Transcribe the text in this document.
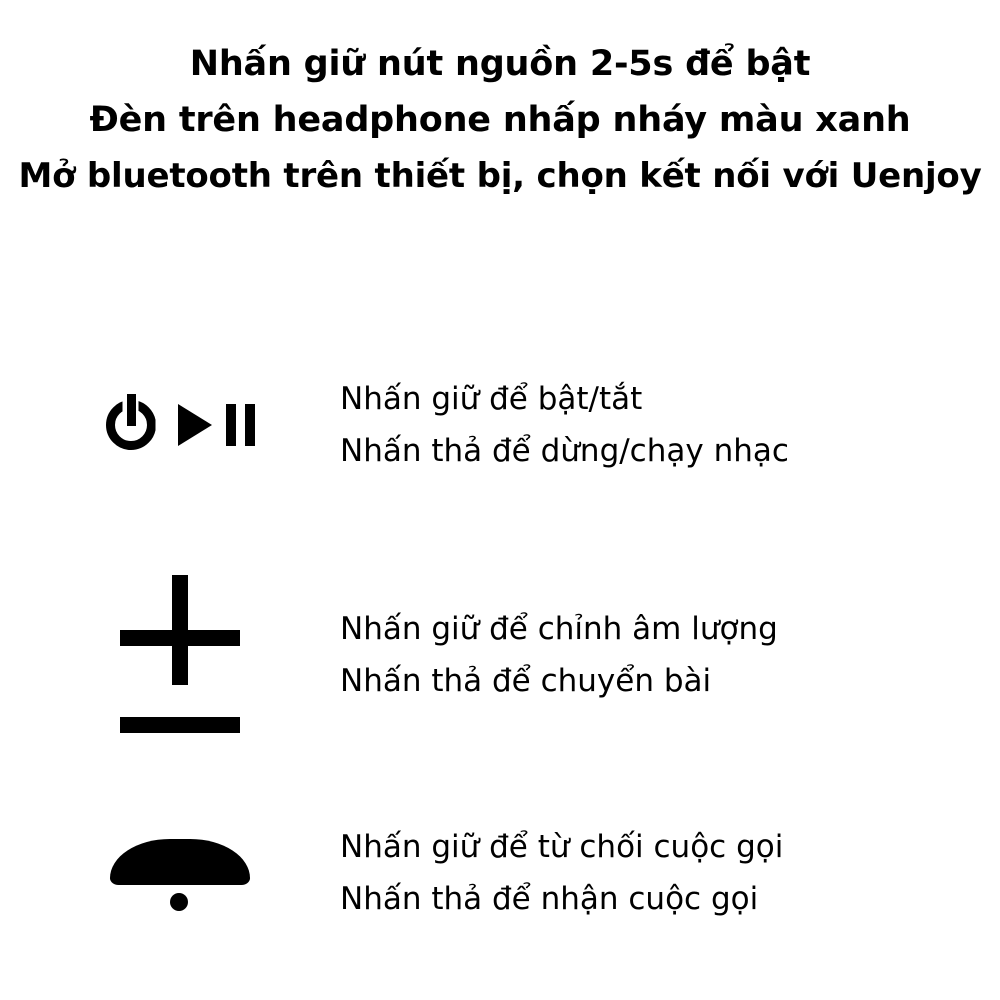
Nhấn giữ nút nguồn 2-5s để bật
Đèn trên headphone nhấp nháy màu xanh
Mở bluetooth trên thiết bị, chọn kết nối với Uenjoy
Nhấn giữ để bật/tắt
Nhấn thả để dừng/chạy nhạc
Nhấn giữ để chỉnh âm lượng
Nhấn thả để chuyển bài
Nhấn giữ để từ chối cuộc gọi
Nhấn thả để nhận cuộc gọi
